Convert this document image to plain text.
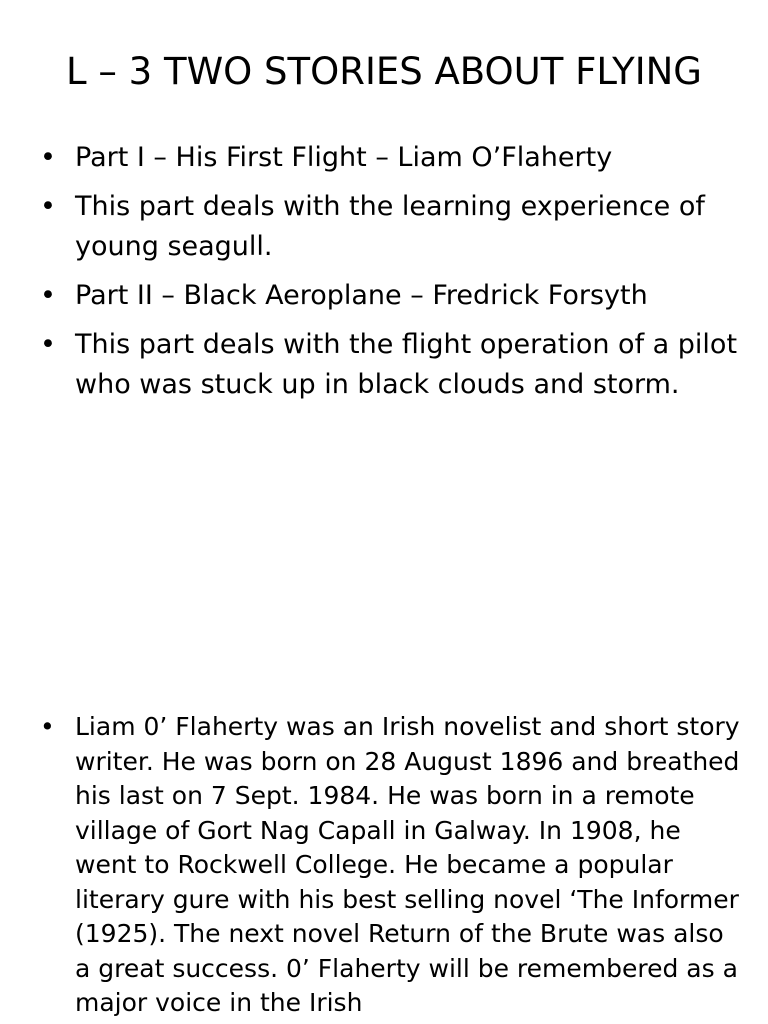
L – 3 TWO STORIES ABOUT FLYING
• Part I – His First Flight – Liam O’Flaherty
• This part deals with the learning experience of young seagull.
• Part II – Black Aeroplane – Fredrick Forsyth
• This part deals with the flight operation of a pilot who was stuck up in black clouds and storm.
• Liam 0’ Flaherty was an Irish novelist and short story writer. He was born on 28 August 1896 and breathed his last on 7 Sept. 1984. He was born in a remote village of Gort Nag Capall in Galway. In 1908, he went to Rockwell College. He became a popular literary gure with his best selling novel ‘The Informer (1925). The next novel Return of the Brute was also a great success. 0’ Flaherty will be remembered as a major voice in the Irish
